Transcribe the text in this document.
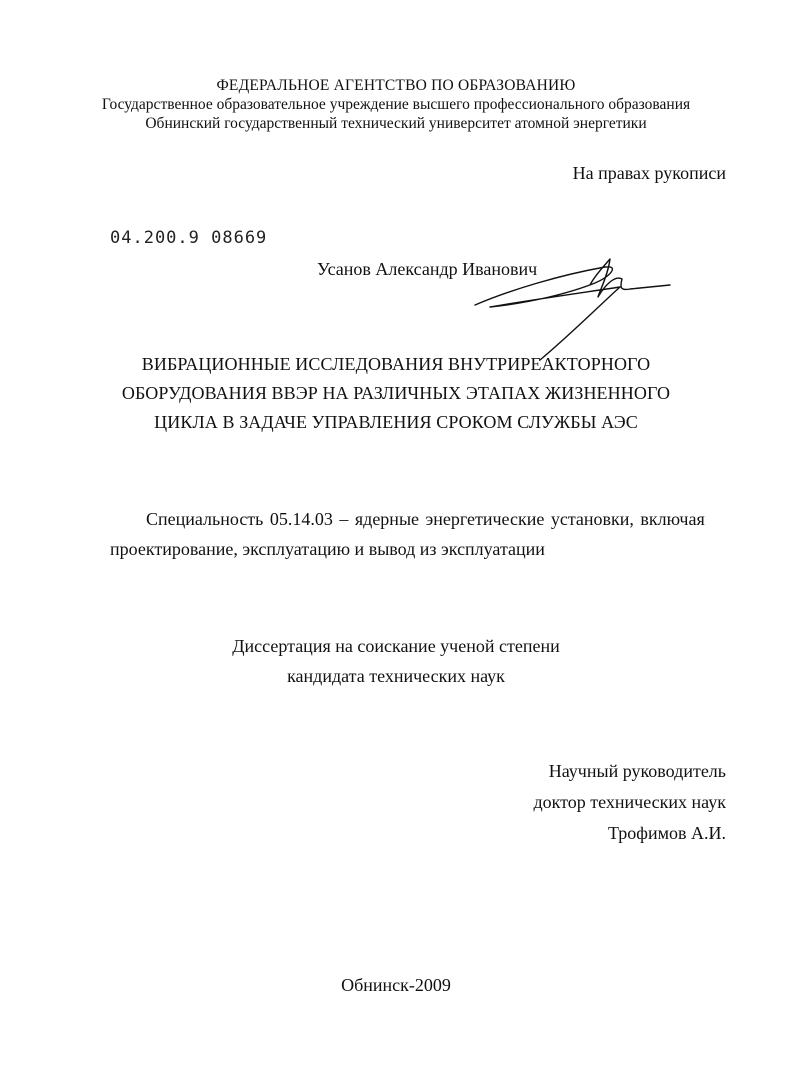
ФЕДЕРАЛЬНОЕ АГЕНТСТВО ПО ОБРАЗОВАНИЮ
Государственное образовательное учреждение высшего профессионального образования
Обнинский государственный технический университет атомной энергетики
На правах рукописи
04.200.9 08669
Усанов Александр Иванович
ВИБРАЦИОННЫЕ ИССЛЕДОВАНИЯ ВНУТРИРЕАКТОРНОГО
ОБОРУДОВАНИЯ ВВЭР НА РАЗЛИЧНЫХ ЭТАПАХ ЖИЗНЕННОГО
ЦИКЛА В ЗАДАЧЕ УПРАВЛЕНИЯ СРОКОМ СЛУЖБЫ АЭС
Специальность 05.14.03 – ядерные энергетические установки, включая
проектирование, эксплуатацию и вывод из эксплуатации
Диссертация на соискание ученой степени
кандидата технических наук
Научный руководитель
доктор технических наук
Трофимов А.И.
Обнинск-2009
